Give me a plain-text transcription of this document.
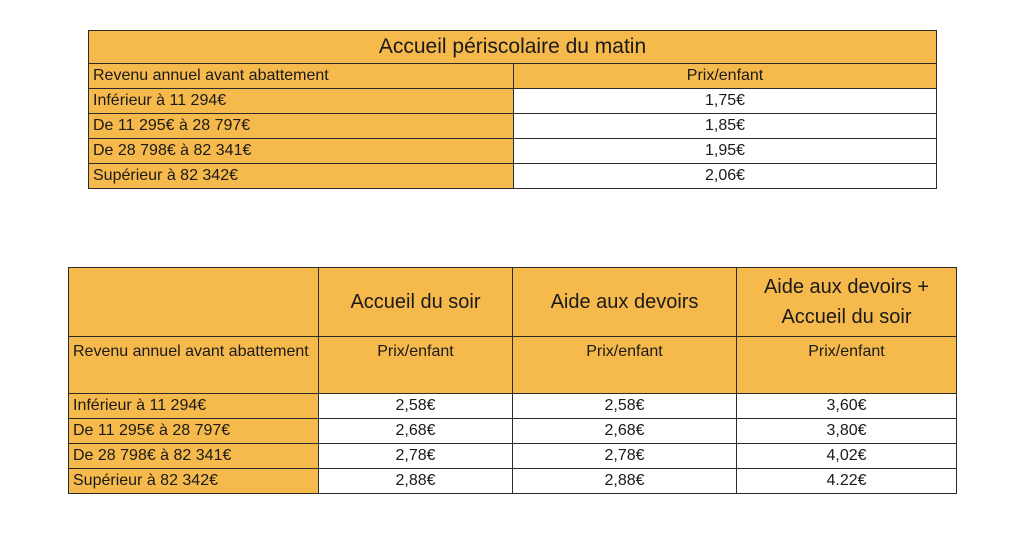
Accueil périscolaire du matin	
Revenu annuel avant abattement	Prix/enfant
Inférieur à 11 294€	1,75€
De 11 295€ à 28 797€	1,85€
De 28 798€ à 82 341€	1,95€
Supérieur à 82 342€	2,06€
	Accueil du soir	Aide aux devoirs	Aide aux devoirs + Accueil du soir
Revenu annuel avant abattement	Prix/enfant	Prix/enfant	Prix/enfant
Inférieur à 11 294€	2,58€	2,58€	3,60€
De 11 295€ à 28 797€	2,68€	2,68€	3,80€
De 28 798€ à 82 341€	2,78€	2,78€	4,02€
Supérieur à 82 342€	2,88€	2,88€	4.22€
